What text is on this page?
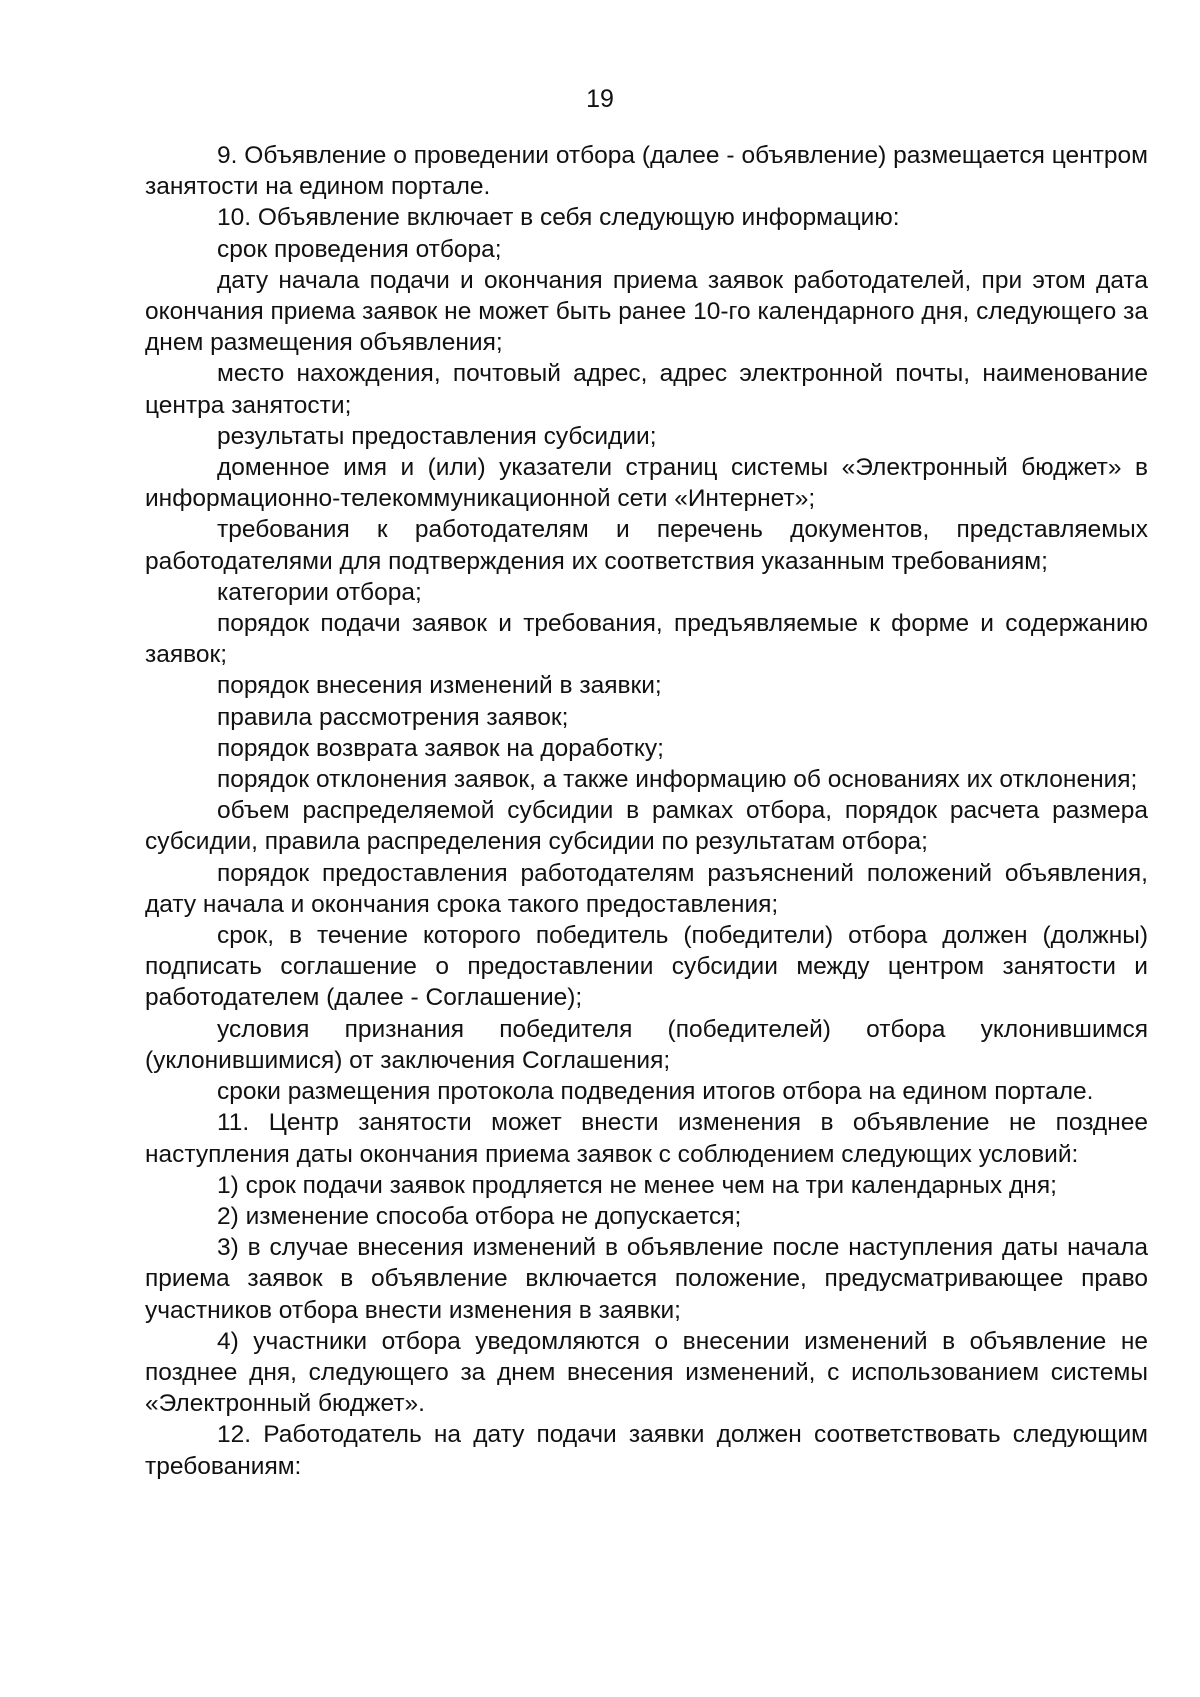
19

9. Объявление о проведении отбора (далее - объявление) размещается центром занятости на едином портале.

10. Объявление включает в себя следующую информацию:

срок проведения отбора;

дату начала подачи и окончания приема заявок работодателей, при этом дата окончания приема заявок не может быть ранее 10-го календарного дня, следующего за днем размещения объявления;

место нахождения, почтовый адрес, адрес электронной почты, наименование центра занятости;

результаты предоставления субсидии;

доменное имя и (или) указатели страниц системы «Электронный бюджет» в информационно-телекоммуникационной сети «Интернет»;

требования к работодателям и перечень документов, представляемых работодателями для подтверждения их соответствия указанным требованиям;

категории отбора;

порядок подачи заявок и требования, предъявляемые к форме и содержанию заявок;

порядок внесения изменений в заявки;

правила рассмотрения заявок;

порядок возврата заявок на доработку;

порядок отклонения заявок, а также информацию об основаниях их отклонения;

объем распределяемой субсидии в рамках отбора, порядок расчета размера субсидии, правила распределения субсидии по результатам отбора;

порядок предоставления работодателям разъяснений положений объявления, дату начала и окончания срока такого предоставления;

срок, в течение которого победитель (победители) отбора должен (должны) подписать соглашение о предоставлении субсидии между центром занятости и работодателем (далее - Соглашение);

условия признания победителя (победителей) отбора уклонившимся (уклонившимися) от заключения Соглашения;

сроки размещения протокола подведения итогов отбора на едином портале.

11. Центр занятости может внести изменения в объявление не позднее наступления даты окончания приема заявок с соблюдением следующих условий:

1) срок подачи заявок продляется не менее чем на три календарных дня;

2) изменение способа отбора не допускается;

3) в случае внесения изменений в объявление после наступления даты начала приема заявок в объявление включается положение, предусматривающее право участников отбора внести изменения в заявки;

4) участники отбора уведомляются о внесении изменений в объявление не позднее дня, следующего за днем внесения изменений, с использованием системы «Электронный бюджет».

12. Работодатель на дату подачи заявки должен соответствовать следующим требованиям:
